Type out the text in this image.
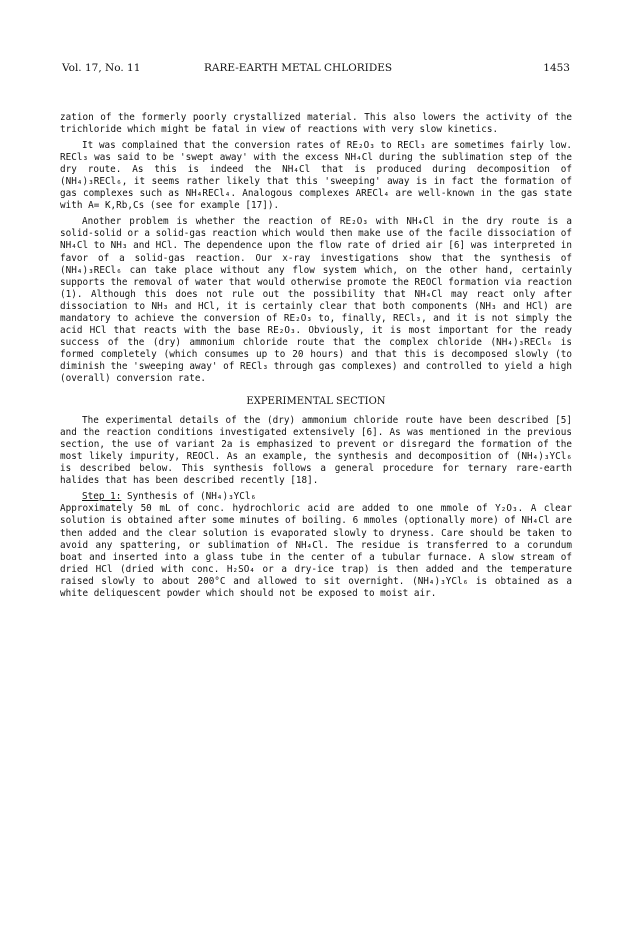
Vol. 17, No. 11	RARE-EARTH METAL CHLORIDES	1453

zation of the formerly poorly crystallized material. This also lowers the activity of the trichloride which might be fatal in view of reactions with very slow kinetics.

It was complained that the conversion rates of RE₂O₃ to RECl₃ are sometimes fairly low. RECl₃ was said to be 'swept away' with the excess NH₄Cl during the sublimation step of the dry route. As this is indeed the NH₄Cl that is produced during decomposition of (NH₄)₃RECl₆, it seems rather likely that this 'sweeping' away is in fact the formation of gas complexes such as NH₄RECl₄. Analogous complexes ARECl₄ are well-known in the gas state with A= K,Rb,Cs (see for example [17]).

Another problem is whether the reaction of RE₂O₃ with NH₄Cl in the dry route is a solid-solid or a solid-gas reaction which would then make use of the facile dissociation of NH₄Cl to NH₃ and HCl. The dependence upon the flow rate of dried air [6] was interpreted in favor of a solid-gas reaction. Our x-ray investigations show that the synthesis of (NH₄)₃RECl₆ can take place without any flow system which, on the other hand, certainly supports the removal of water that would otherwise promote the REOCl formation via reaction (1). Although this does not rule out the possibility that NH₄Cl may react only after dissociation to NH₃ and HCl, it is certainly clear that both components (NH₃ and HCl) are mandatory to achieve the conversion of RE₂O₃ to, finally, RECl₃, and it is not simply the acid HCl that reacts with the base RE₂O₃. Obviously, it is most important for the ready success of the (dry) ammonium chloride route that the complex chloride (NH₄)₃RECl₆ is formed completely (which consumes up to 20 hours) and that this is decomposed slowly (to diminish the 'sweeping away' of RECl₃ through gas complexes) and controlled to yield a high (overall) conversion rate.

EXPERIMENTAL SECTION

The experimental details of the (dry) ammonium chloride route have been described [5] and the reaction conditions investigated extensively [6]. As was mentioned in the previous section, the use of variant 2a is emphasized to prevent or disregard the formation of the most likely impurity, REOCl. As an example, the synthesis and decomposition of (NH₄)₃YCl₆ is described below. This synthesis follows a general procedure for ternary rare-earth halides that has been described recently [18].

Step 1: Synthesis of (NH₄)₃YCl₆
Approximately 50 mL of conc. hydrochloric acid are added to one mmole of Y₂O₃. A clear solution is obtained after some minutes of boiling. 6 mmoles (optionally more) of NH₄Cl are then added and the clear solution is evaporated slowly to dryness. Care should be taken to avoid any spattering, or sublimation of NH₄Cl. The residue is transferred to a corundum boat and inserted into a glass tube in the center of a tubular furnace. A slow stream of dried HCl (dried with conc. H₂SO₄ or a dry-ice trap) is then added and the temperature raised slowly to about 200°C and allowed to sit overnight. (NH₄)₃YCl₆ is obtained as a white deliquescent powder which should not be exposed to moist air.
